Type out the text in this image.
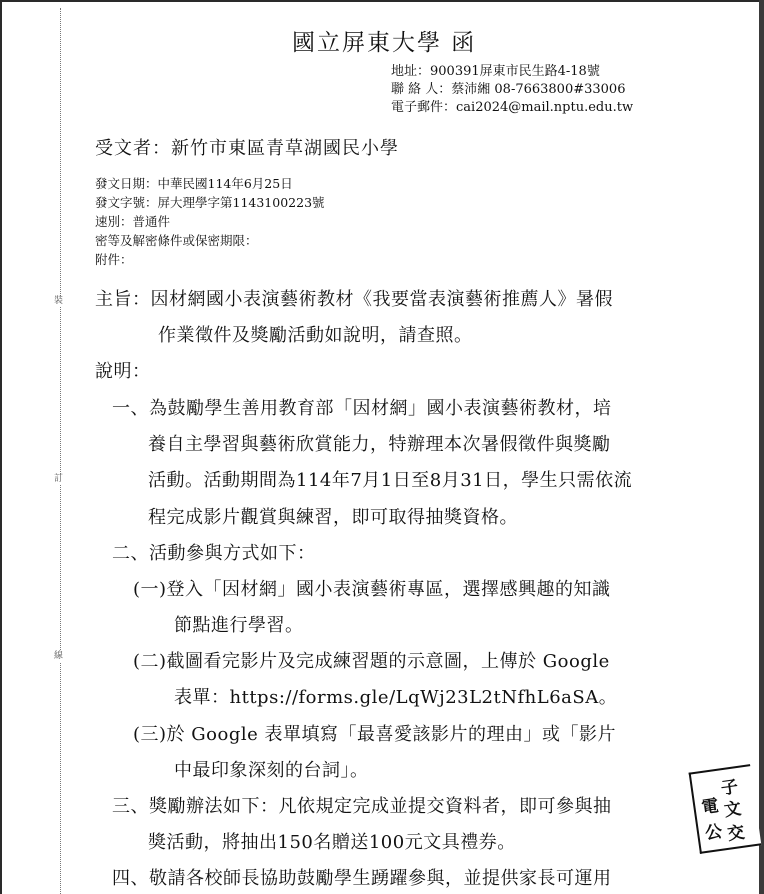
裝
訂
線
國立屏東大學 函
地址：900391屏東市民生路4-18號
聯 絡 人：蔡沛緗 08-7663800#33006
電子郵件：cai2024@mail.nptu.edu.tw
受文者：新竹市東區青草湖國民小學
發文日期：中華民國114年6月25日
發文字號：屏大理學字第1143100223號
速別：普通件
密等及解密條件或保密期限：
附件：
主旨：因材網國小表演藝術教材《我要當表演藝術推薦人》暑假
作業徵件及獎勵活動如說明，請查照。
說明：
一、為鼓勵學生善用教育部「因材網」國小表演藝術教材，培
養自主學習與藝術欣賞能力，特辦理本次暑假徵件與獎勵
活動。活動期間為114年7月1日至8月31日，學生只需依流
程完成影片觀賞與練習，即可取得抽獎資格。
二、活動參與方式如下：
(一)登入「因材網」國小表演藝術專區，選擇感興趣的知識
節點進行學習。
(二)截圖看完影片及完成練習題的示意圖，上傳於 Google
表單：https://forms.gle/LqWj23L2tNfhL6aSA。
(三)於 Google 表單填寫「最喜愛該影片的理由」或「影片
中最印象深刻的台詞」。
三、獎勵辦法如下：凡依規定完成並提交資料者，即可參與抽
獎活動，將抽出150名贈送100元文具禮券。
四、敬請各校師長協助鼓勵學生踴躍參與，並提供家長可運用
電
子
公
文
交
